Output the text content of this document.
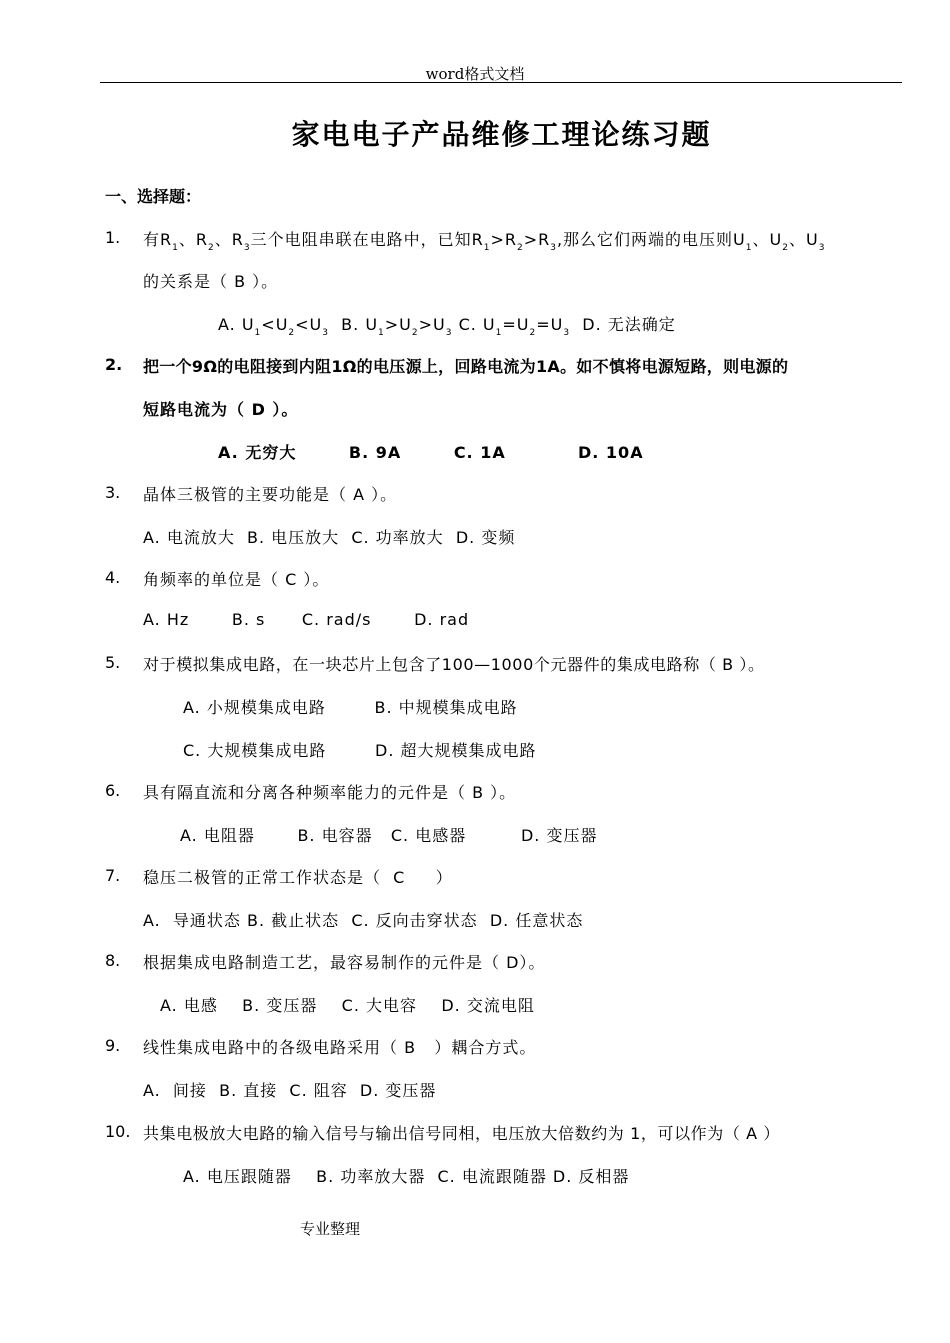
word格式文档
家电电子产品维修工理论练习题
一、选择题：
1. 有$R_1$、$R_2$、$R_3$三个电阻串联在电路中，已知$R_1>R_2>R_3$,那么它们两端的电压则$U_1$、$U_2$、$U_3$
的关系是（ B ）。
A. $U_1<U_2<U_3$  B. $U_1>U_2>U_3$ C. $U_1=U_2=U_3$  D. 无法确定
2. 把一个9Ω的电阻接到内阻1Ω的电压源上，回路电流为1A。如不慎将电源短路，则电源的
短路电流为（ D ）。
A. 无穷大        B. 9A        C. 1A           D. 10A
3. 晶体三极管的主要功能是（ A ）。
A. 电流放大  B. 电压放大  C. 功率放大  D. 变频
4. 角频率的单位是（ C ）。
A. Hz       B. s      C. rad/s       D. rad
5. 对于模拟集成电路，在一块芯片上包含了100—1000个元器件的集成电路称（ B ）。
A. 小规模集成电路        B. 中规模集成电路
C. 大规模集成电路        D. 超大规模集成电路
6. 具有隔直流和分离各种频率能力的元件是（ B ）。
A. 电阻器       B. 电容器   C. 电感器         D. 变压器
7. 稳压二极管的正常工作状态是（  C     ）
A.  导通状态 B. 截止状态  C. 反向击穿状态  D. 任意状态
8. 根据集成电路制造工艺，最容易制作的元件是（ D）。
A. 电感    B. 变压器    C. 大电容    D. 交流电阻
9. 线性集成电路中的各级电路采用（ B   ）耦合方式。
A.  间接  B. 直接  C. 阻容  D. 变压器
10. 共集电极放大电路的输入信号与输出信号同相，电压放大倍数约为 1，可以作为（ A ）
A. 电压跟随器    B. 功率放大器  C. 电流跟随器 D. 反相器
专业整理
